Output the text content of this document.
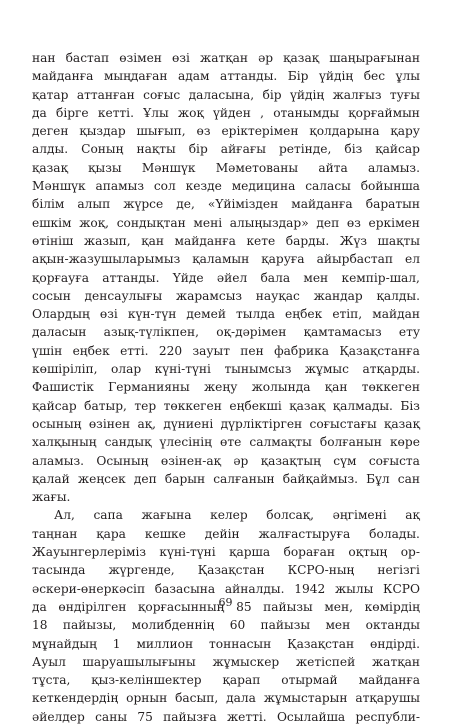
нан бастап өзімен өзі жатқан әр қазақ шаңырағынан
майданға мыңдаған адам аттанды. Бір үйдің бес ұлы
қатар аттанған соғыс даласына, бір үйдің жалғыз туғы
да бірге кетті. Ұлы жоқ үйден , отанымды қорғаймын
деген қыздар шығып, өз еріктерімен қолдарына қару
алды. Соның нақты бір айғағы ретінде, біз қайсар
қазақ қызы Мәншүк Мәметованы айта аламыз.
Мәншүк апамыз сол кезде медицина саласы бойынша
білім алып жүрсе де, «Үйімізден майданға баратын
ешкім жоқ, сондықтан мені алыңыздар» деп өз еркімен
өтініш жазып, қан майданға кете барды. Жүз шақты
ақын-жазушыларымыз қаламын қаруға айырбастап ел
қорғауға аттанды. Үйде әйел бала мен кемпір-шал,
сосын денсаулығы жарамсыз науқас жандар қалды.
Олардың өзі күн-түн демей тылда еңбек етіп, майдан
даласын азық-түлікпен, оқ-дәрімен қамтамасыз ету
үшін еңбек етті. 220 зауыт пен фабрика Қазақстанға
көшіріліп, олар күні-түні тынымсыз жұмыс атқарды.
Фашистік Германияны жеңу жолында қан төккеген
қайсар батыр, тер төккеген еңбекші қазақ қалмады. Біз
осының өзінен ақ, дүниені дүрліктірген соғыстағы қазақ
халқының сандық үлесінің өте салмақты болғанын көре
аламыз. Осының өзінен-ақ әр қазақтың сүм соғыста
қалай жеңсек деп барын салғанын байқаймыз. Бұл сан
жағы.
Ал, сапа жағына келер болсақ, әңгімені ақ
таңнан қара кешке дейін жалғастыруға болады.
Жауынгерлеріміз күні-түні қарша бораған оқтың ор-
тасында жүргенде, Қазақстан КСРО-ның негізгі
әскери-өнеркәсіп базасына айналды. 1942 жылы КСРО
да өндірілген қорғасынның 85 пайызы мен, көмірдің
18 пайызы, молибденнің 60 пайызы мен октанды
мұнайдың 1 миллион тоннасын Қазақстан өндірді.
Ауыл шаруашылығыны жұмыскер жетіспей жатқан
тұста, қыз-келіншектер қарап отырмай майданға
кеткендердің орнын басып, дала жұмыстарын атқарушы
әйелдер саны 75 пайызға жетті. Осылайша республи-
69
